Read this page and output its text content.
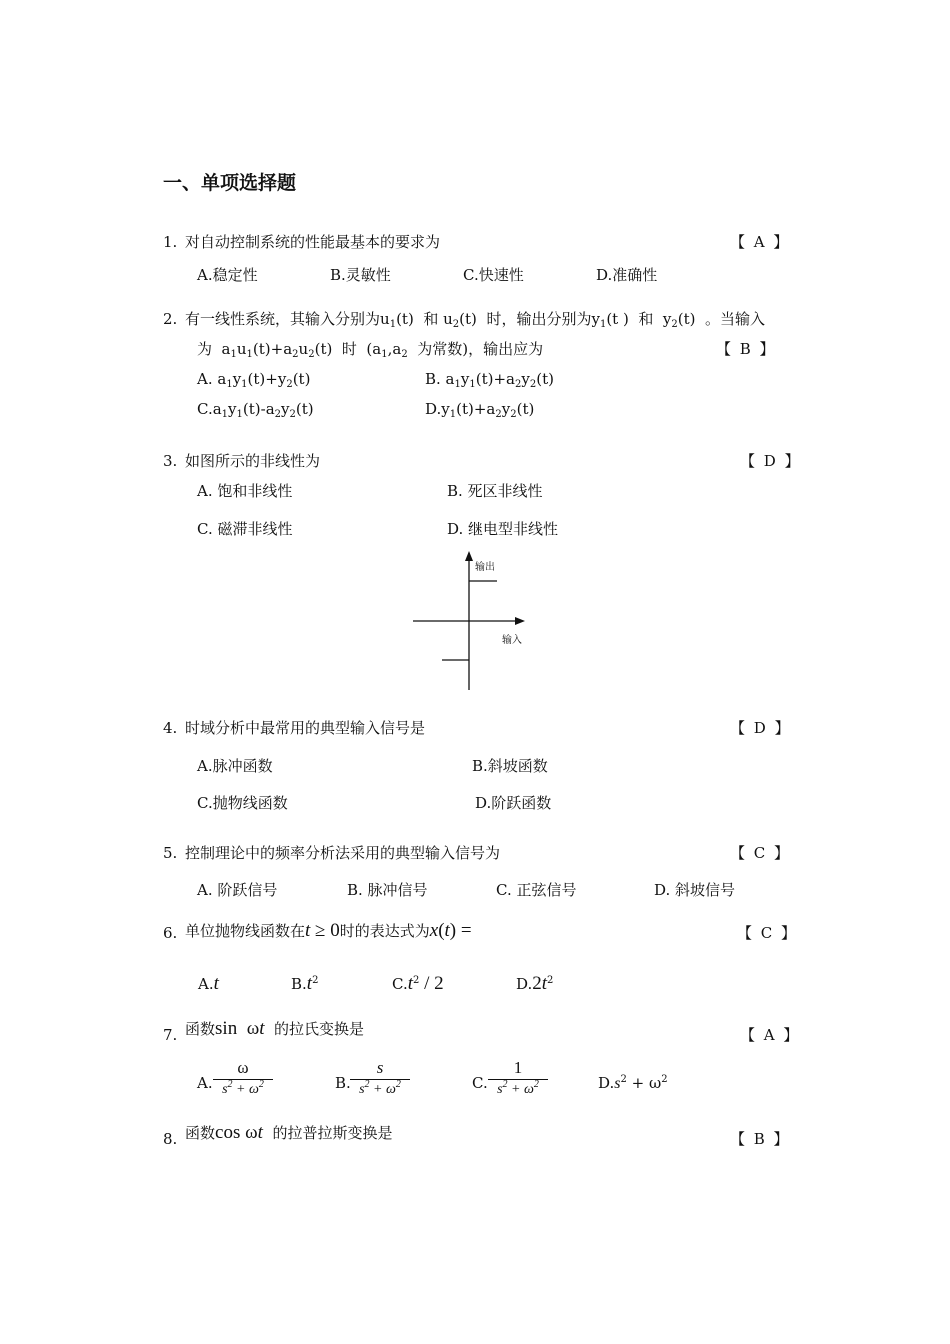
一、单项选择题
1. 对自动控制系统的性能最基本的要求为	【 A 】
A.稳定性	B.灵敏性	C.快速性	D.准确性
2. 有一线性系统，其输入分别为$u_1(t)$  和 $u_2(t)$  时，输出分别为$y_1(t$ )  和  $y_2(t)$  。当输入
为  $a_1u_1(t)+a_2u_2(t)$  时  ($a_1,a_2$ 为常数)，输出应为	【 B 】
A. $a_1y_1(t)+y_2(t)$	B. $a_1y_1(t)+a_2y_2(t)$
$C.a_1y_1(t)-a_2y_2(t)$	$D.y_1(t)+a_2y_2(t)$
3. 如图所示的非线性为	【 D 】
A. 饱和非线性	B. 死区非线性
C. 磁滞非线性	D. 继电型非线性
输出
输入
4. 时域分析中最常用的典型输入信号是	【 D 】
A.脉冲函数	B.斜坡函数
C.抛物线函数	D.阶跃函数
5. 控制理论中的频率分析法采用的典型输入信号为	【 C 】
A. 阶跃信号	B. 脉冲信号	C. 正弦信号	D. 斜坡信号
6. 单位抛物线函数在t ≥ 0时的表达式为x(t) =	【 C 】
A.t	$B.t^2$	$C.t^2 / 2$	$D.2t^2$
7. 函数sin  ωt 的拉氏变换是	【 A 】
A.
ω
$s^2 + \omega^2$	B.
s
$s^2 + \omega^2$	C.
1
$s^2 + \omega^2$	$D.s^2 + \omega^2$
8. 函数cos ωt 的拉普拉斯变换是	【 B 】
